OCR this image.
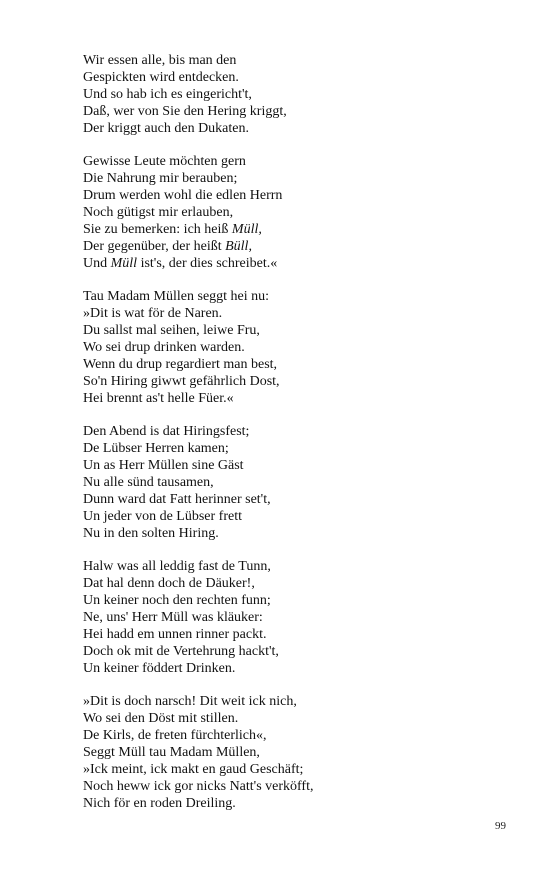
Wir essen alle, bis man den
Gespickten wird entdecken.
Und so hab ich es eingericht't,
Daß, wer von Sie den Hering kriggt,
Der kriggt auch den Dukaten.
Gewisse Leute möchten gern
Die Nahrung mir berauben;
Drum werden wohl die edlen Herrn
Noch gütigst mir erlauben,
Sie zu bemerken: ich heiß Müll,
Der gegenüber, der heißt Büll,
Und Müll ist's, der dies schreibet.«
Tau Madam Müllen seggt hei nu:
»Dit is wat för de Naren.
Du sallst mal seihen, leiwe Fru,
Wo sei drup drinken warden.
Wenn du drup regardiert man best,
So'n Hiring giwwt gefährlich Dost,
Hei brennt as't helle Füer.«
Den Abend is dat Hiringsfest;
De Lübser Herren kamen;
Un as Herr Müllen sine Gäst
Nu alle sünd tausamen,
Dunn ward dat Fatt herinner set't,
Un jeder von de Lübser frett
Nu in den solten Hiring.
Halw was all leddig fast de Tunn,
Dat hal denn doch de Däuker!,
Un keiner noch den rechten funn;
Ne, uns' Herr Müll was kläuker:
Hei hadd em unnen rinner packt.
Doch ok mit de Vertehrung hackt't,
Un keiner föddert Drinken.
»Dit is doch narsch! Dit weit ick nich,
Wo sei den Döst mit stillen.
De Kirls, de freten fürchterlich«,
Seggt Müll tau Madam Müllen,
»Ick meint, ick makt en gaud Geschäft;
Noch heww ick gor nicks Natt's verköfft,
Nich för en roden Dreiling.
99
